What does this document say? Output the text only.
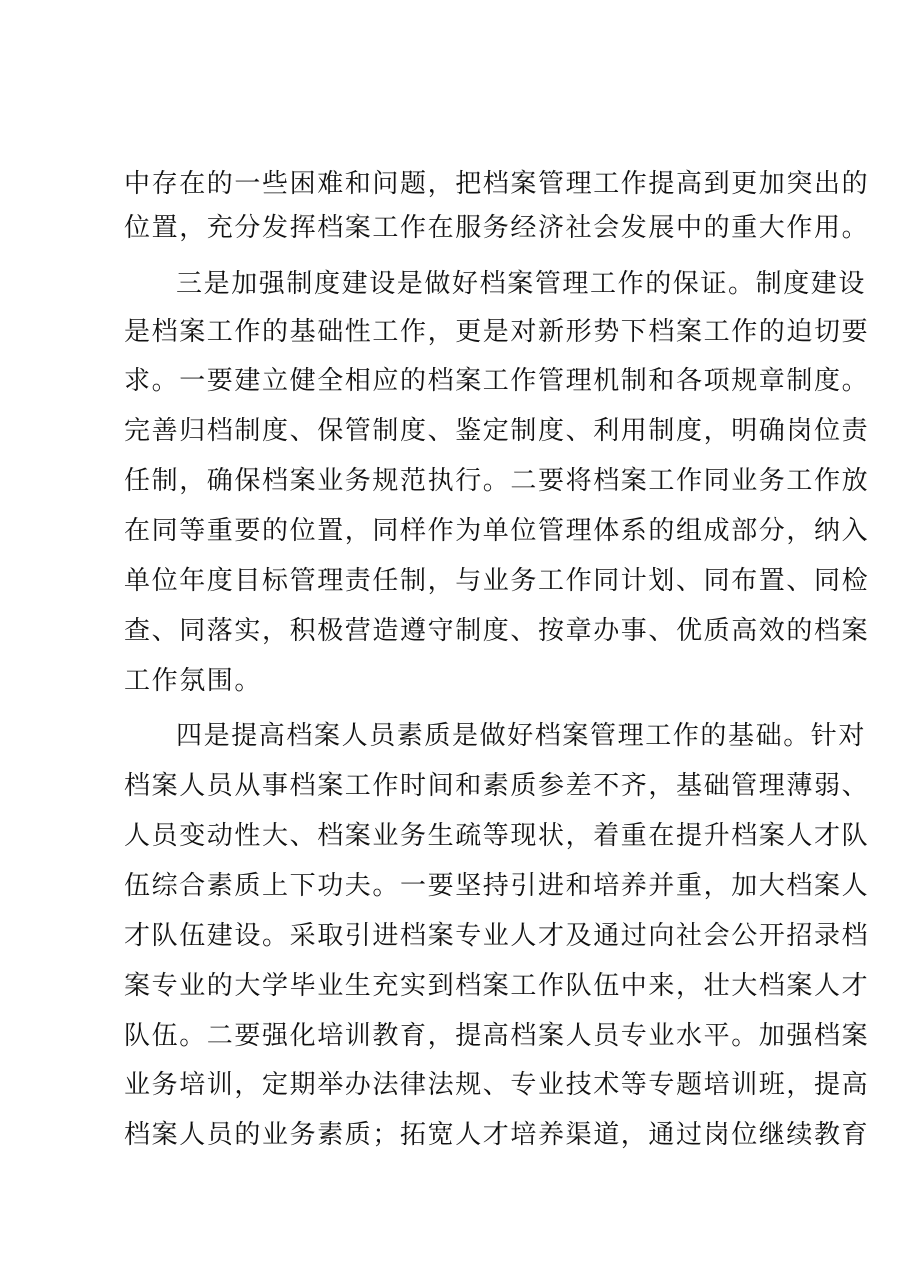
中存在的一些困难和问题，把档案管理工作提高到更加突出的
位置，充分发挥档案工作在服务经济社会发展中的重大作用。
三是加强制度建设是做好档案管理工作的保证。制度建设
是档案工作的基础性工作，更是对新形势下档案工作的迫切要
求。一要建立健全相应的档案工作管理机制和各项规章制度。
完善归档制度、保管制度、鉴定制度、利用制度，明确岗位责
任制，确保档案业务规范执行。二要将档案工作同业务工作放
在同等重要的位置，同样作为单位管理体系的组成部分，纳入
单位年度目标管理责任制，与业务工作同计划、同布置、同检
查、同落实，积极营造遵守制度、按章办事、优质高效的档案
工作氛围。
四是提高档案人员素质是做好档案管理工作的基础。针对
档案人员从事档案工作时间和素质参差不齐，基础管理薄弱、
人员变动性大、档案业务生疏等现状，着重在提升档案人才队
伍综合素质上下功夫。一要坚持引进和培养并重，加大档案人
才队伍建设。采取引进档案专业人才及通过向社会公开招录档
案专业的大学毕业生充实到档案工作队伍中来，壮大档案人才
队伍。二要强化培训教育，提高档案人员专业水平。加强档案
业务培训，定期举办法律法规、专业技术等专题培训班，提高
档案人员的业务素质；拓宽人才培养渠道，通过岗位继续教育
